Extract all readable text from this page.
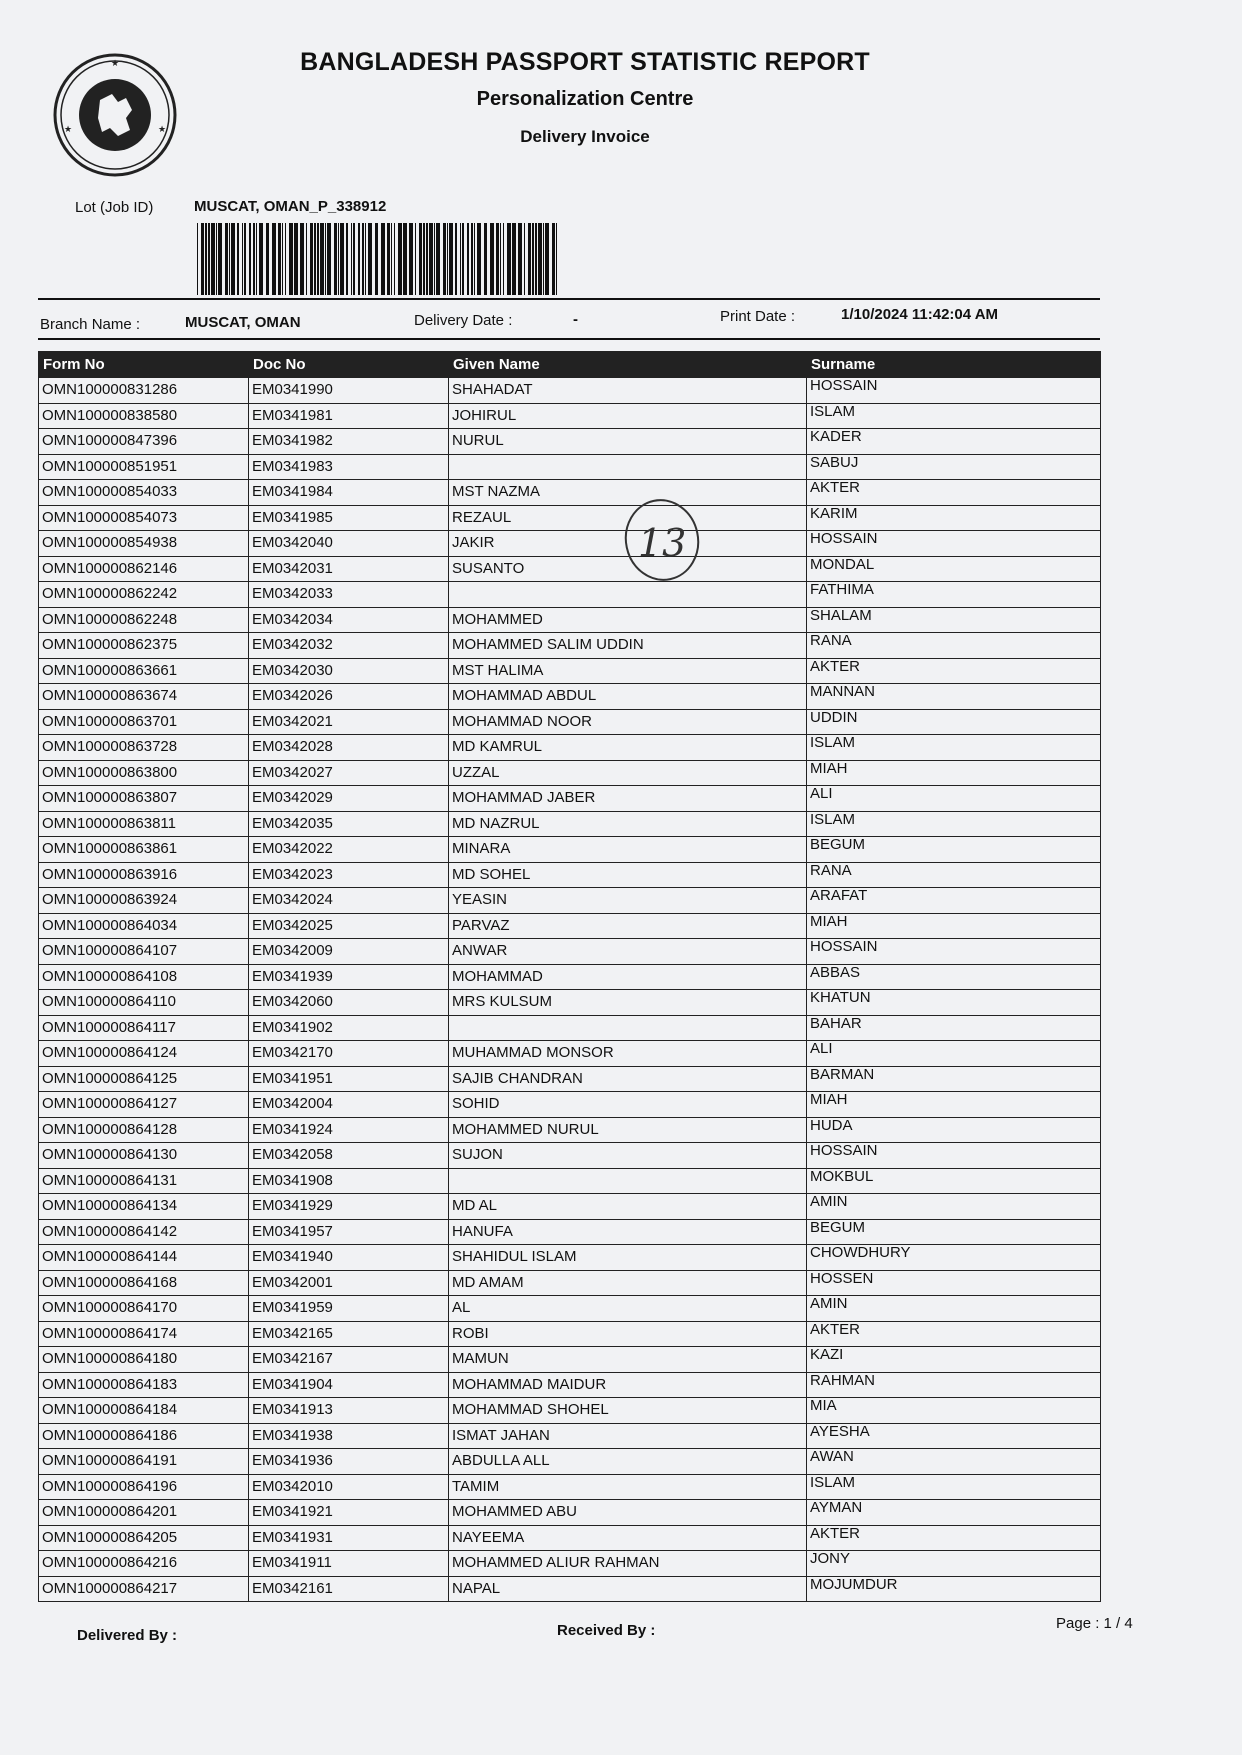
★
★	★
BANGLADESH PASSPORT STATISTIC REPORT
Personalization Centre
Delivery Invoice
Lot (Job ID)	MUSCAT, OMAN_P_338912
Branch Name :	MUSCAT, OMAN	Delivery Date :	-	Print Date :	1/10/2024 11:42:04 AM
Form No	Doc No	Given Name	Surname
OMN100000831286	EM0341990	SHAHADAT	HOSSAIN
OMN100000838580	EM0341981	JOHIRUL	ISLAM
OMN100000847396	EM0341982	NURUL	KADER
OMN100000851951	EM0341983		SABUJ
OMN100000854033	EM0341984	MST NAZMA	AKTER
OMN100000854073	EM0341985	REZAUL	KARIM
OMN100000854938	EM0342040	JAKIR	HOSSAIN
OMN100000862146	EM0342031	SUSANTO	MONDAL
OMN100000862242	EM0342033		FATHIMA
OMN100000862248	EM0342034	MOHAMMED	SHALAM
OMN100000862375	EM0342032	MOHAMMED SALIM UDDIN	RANA
OMN100000863661	EM0342030	MST HALIMA	AKTER
OMN100000863674	EM0342026	MOHAMMAD ABDUL	MANNAN
OMN100000863701	EM0342021	MOHAMMAD NOOR	UDDIN
OMN100000863728	EM0342028	MD KAMRUL	ISLAM
OMN100000863800	EM0342027	UZZAL	MIAH
OMN100000863807	EM0342029	MOHAMMAD JABER	ALI
OMN100000863811	EM0342035	MD NAZRUL	ISLAM
OMN100000863861	EM0342022	MINARA	BEGUM
OMN100000863916	EM0342023	MD SOHEL	RANA
OMN100000863924	EM0342024	YEASIN	ARAFAT
OMN100000864034	EM0342025	PARVAZ	MIAH
OMN100000864107	EM0342009	ANWAR	HOSSAIN
OMN100000864108	EM0341939	MOHAMMAD	ABBAS
OMN100000864110	EM0342060	MRS KULSUM	KHATUN
OMN100000864117	EM0341902		BAHAR
OMN100000864124	EM0342170	MUHAMMAD MONSOR	ALI
OMN100000864125	EM0341951	SAJIB CHANDRAN	BARMAN
OMN100000864127	EM0342004	SOHID	MIAH
OMN100000864128	EM0341924	MOHAMMED NURUL	HUDA
OMN100000864130	EM0342058	SUJON	HOSSAIN
OMN100000864131	EM0341908		MOKBUL
OMN100000864134	EM0341929	MD AL	AMIN
OMN100000864142	EM0341957	HANUFA	BEGUM
OMN100000864144	EM0341940	SHAHIDUL ISLAM	CHOWDHURY
OMN100000864168	EM0342001	MD AMAM	HOSSEN
OMN100000864170	EM0341959	AL	AMIN
OMN100000864174	EM0342165	ROBI	AKTER
OMN100000864180	EM0342167	MAMUN	KAZI
OMN100000864183	EM0341904	MOHAMMAD MAIDUR	RAHMAN
OMN100000864184	EM0341913	MOHAMMAD SHOHEL	MIA
OMN100000864186	EM0341938	ISMAT JAHAN	AYESHA
OMN100000864191	EM0341936	ABDULLA ALL	AWAN
OMN100000864196	EM0342010	TAMIM	ISLAM
OMN100000864201	EM0341921	MOHAMMED ABU	AYMAN
OMN100000864205	EM0341931	NAYEEMA	AKTER
OMN100000864216	EM0341911	MOHAMMED ALIUR RAHMAN	JONY
OMN100000864217	EM0342161	NAPAL	MOJUMDUR
13
Delivered By :	Received By :	Page : 1 / 4
